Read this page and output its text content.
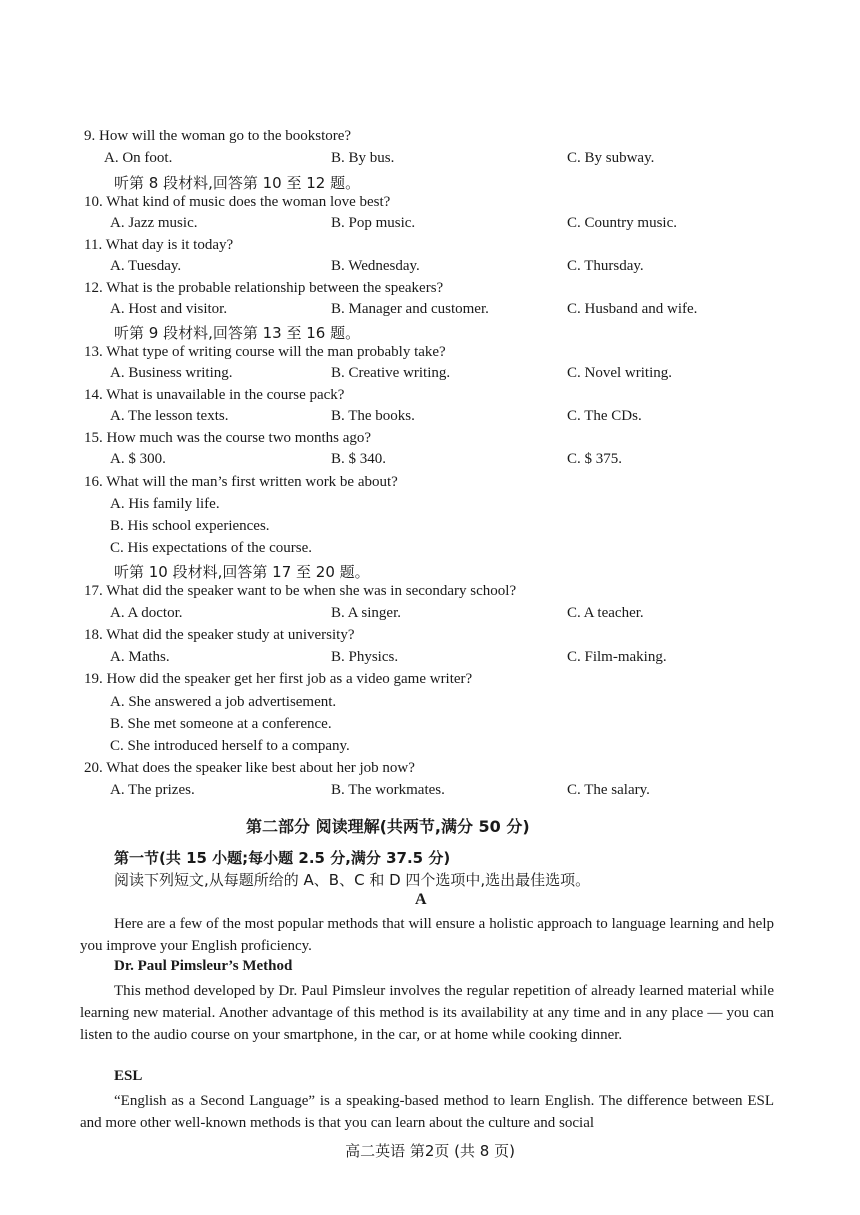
9. How will the woman go to the bookstore?
A. On foot.	B. By bus.	C. By subway.
听第 8 段材料,回答第 10 至 12 题。
10. What kind of music does the woman love best?
A. Jazz music.	B. Pop music.	C. Country music.
11. What day is it today?
A. Tuesday.	B. Wednesday.	C. Thursday.
12. What is the probable relationship between the speakers?
A. Host and visitor.	B. Manager and customer.	C. Husband and wife.
听第 9 段材料,回答第 13 至 16 题。
13. What type of writing course will the man probably take?
A. Business writing.	B. Creative writing.	C. Novel writing.
14. What is unavailable in the course pack?
A. The lesson texts.	B. The books.	C. The CDs.
15. How much was the course two months ago?
A. $ 300.	B. $ 340.	C. $ 375.
16. What will the man’s first written work be about?
A. His family life.
B. His school experiences.
C. His expectations of the course.
听第 10 段材料,回答第 17 至 20 题。
17. What did the speaker want to be when she was in secondary school?
A. A doctor.	B. A singer.	C. A teacher.
18. What did the speaker study at university?
A. Maths.	B. Physics.	C. Film-making.
19. How did the speaker get her first job as a video game writer?
A. She answered a job advertisement.
B. She met someone at a conference.
C. She introduced herself to a company.
20. What does the speaker like best about her job now?
A. The prizes.	B. The workmates.	C. The salary.
第二部分 阅读理解(共两节,满分 50 分)
第一节(共 15 小题;每小题 2.5 分,满分 37.5 分)
阅读下列短文,从每题所给的 A、B、C 和 D 四个选项中,选出最佳选项。
A
Here are a few of the most popular methods that will ensure a holistic approach to language learning and help you improve your English proficiency.
Dr. Paul Pimsleur’s Method
This method developed by Dr. Paul Pimsleur involves the regular repetition of already learned material while learning new material. Another advantage of this method is its availability at any time and in any place — you can listen to the audio course on your smartphone, in the car, or at home while cooking dinner.
ESL
“English as a Second Language” is a speaking-based method to learn English. The difference between ESL and more other well-known methods is that you can learn about the culture and social
高二英语 第2页 (共 8 页)
